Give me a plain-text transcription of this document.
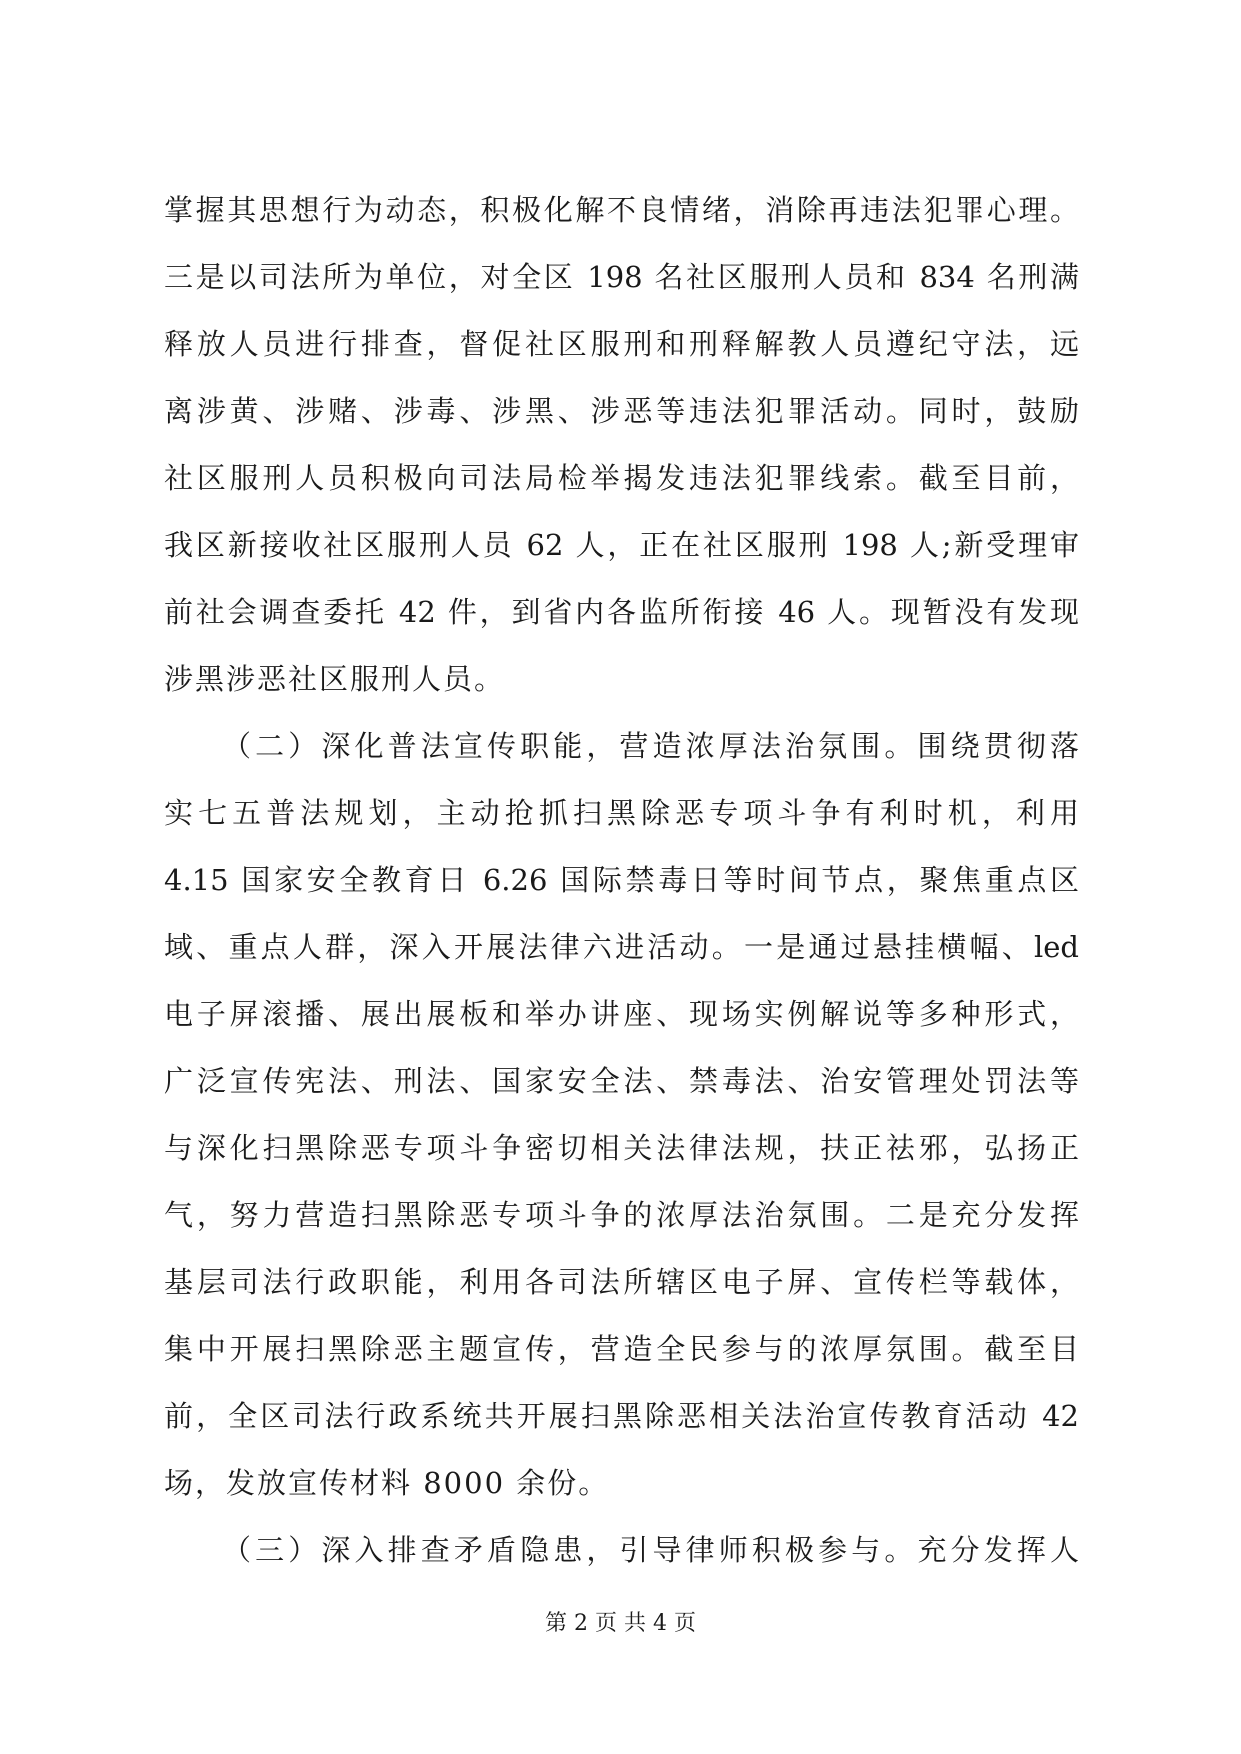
掌握其思想行为动态，积极化解不良情绪，消除再违法犯罪心理。
三是以司法所为单位，对全区 198 名社区服刑人员和 834 名刑满
释放人员进行排查，督促社区服刑和刑释解教人员遵纪守法，远
离涉黄、涉赌、涉毒、涉黑、涉恶等违法犯罪活动。同时，鼓励
社区服刑人员积极向司法局检举揭发违法犯罪线索。截至目前，
我区新接收社区服刑人员 62 人，正在社区服刑 198 人;新受理审
前社会调查委托 42 件，到省内各监所衔接 46 人。现暂没有发现
涉黑涉恶社区服刑人员。
（二）深化普法宣传职能，营造浓厚法治氛围。围绕贯彻落
实七五普法规划，主动抢抓扫黑除恶专项斗争有利时机，利用
4.15 国家安全教育日 6.26 国际禁毒日等时间节点，聚焦重点区
域、重点人群，深入开展法律六进活动。一是通过悬挂横幅、led
电子屏滚播、展出展板和举办讲座、现场实例解说等多种形式，
广泛宣传宪法、刑法、国家安全法、禁毒法、治安管理处罚法等
与深化扫黑除恶专项斗争密切相关法律法规，扶正祛邪，弘扬正
气，努力营造扫黑除恶专项斗争的浓厚法治氛围。二是充分发挥
基层司法行政职能，利用各司法所辖区电子屏、宣传栏等载体，
集中开展扫黑除恶主题宣传，营造全民参与的浓厚氛围。截至目
前，全区司法行政系统共开展扫黑除恶相关法治宣传教育活动 42
场，发放宣传材料 8000 余份。
（三）深入排查矛盾隐患，引导律师积极参与。充分发挥人
第 2 页 共 4 页
